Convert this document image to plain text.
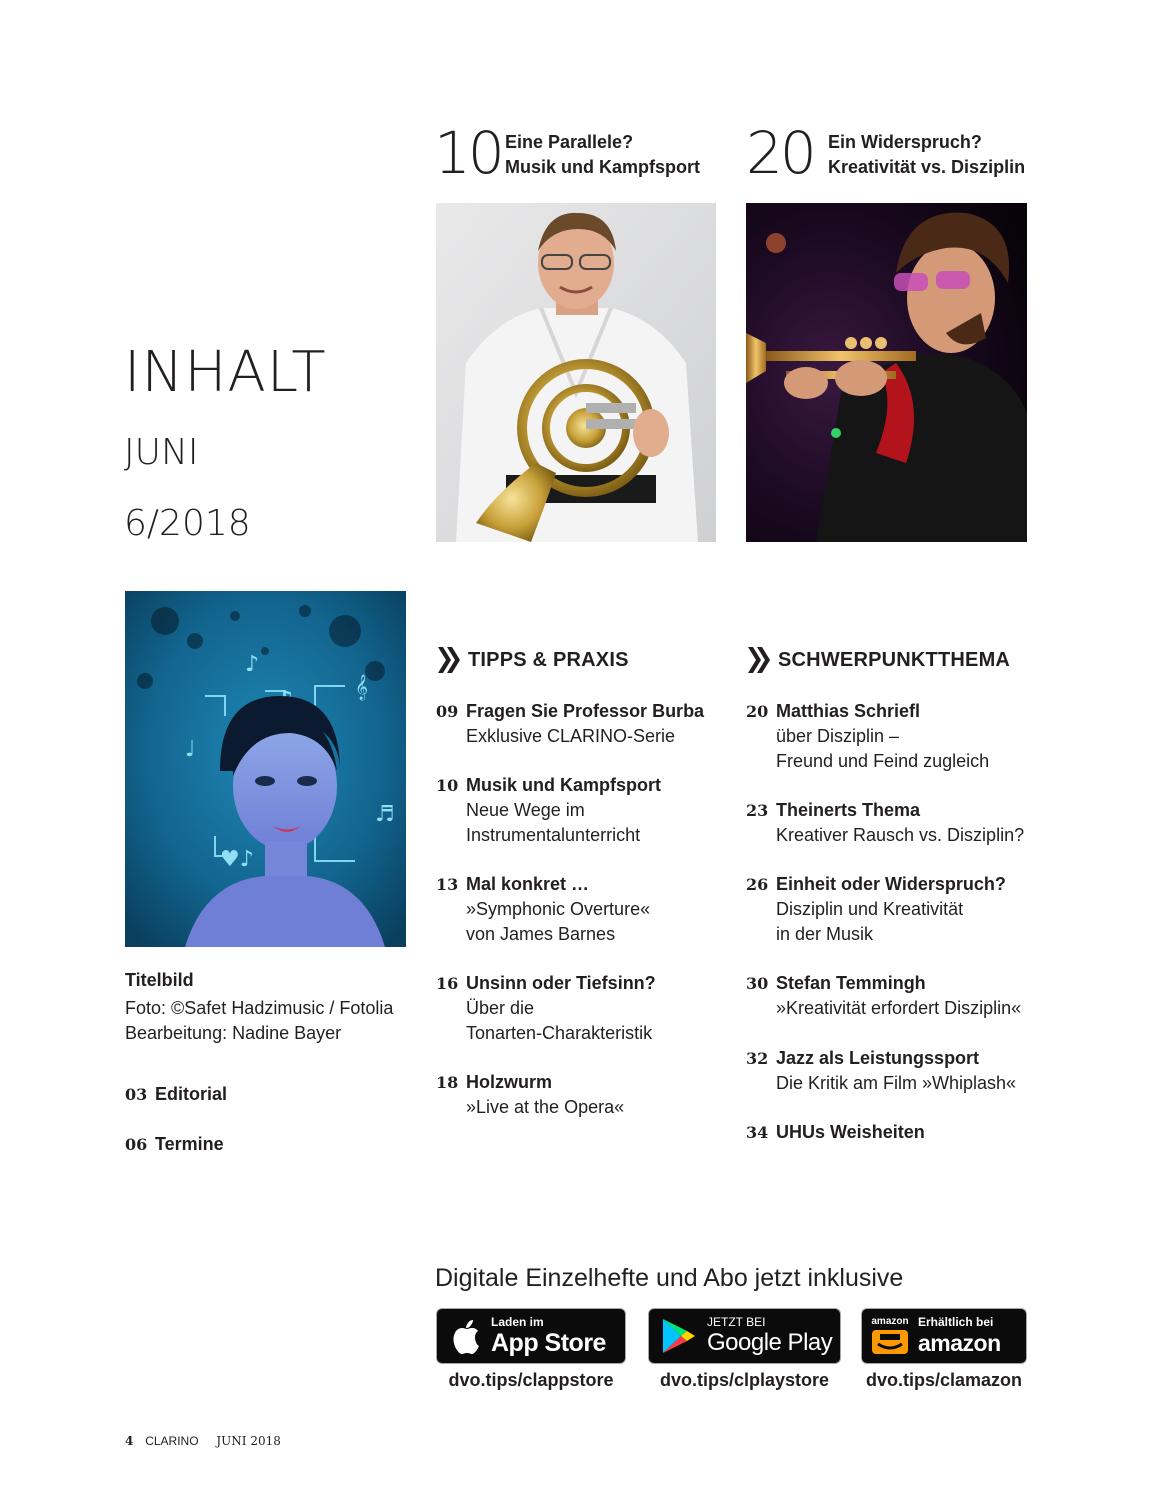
10 Eine Parallele?
Musik und Kampfsport 20 Ein Widerspruch?
Kreativität vs. Disziplin
INHALT
JUNI
6/2018
𝄞
♩
♪
♥♪
♬
Titelbild
Foto: ©Safet Hadzimusic / Fotolia
Bearbeitung: Nadine Bayer
03 Editorial
06 Termine
TIPPS & PRAXIS
09 Fragen Sie Professor Burba
Exklusive CLARINO-Serie
10 Musik und Kampfsport
Neue Wege im
Instrumentalunterricht
13 Mal konkret …
»Symphonic Overture«
von James Barnes
16 Unsinn oder Tiefsinn?
Über die
Tonarten-Charakteristik
18 Holzwurm
»Live at the Opera«
SCHWERPUNKTTHEMA
20 Matthias Schriefl
über Disziplin –
Freund und Feind zugleich
23 Theinerts Thema
Kreativer Rausch vs. Disziplin?
26 Einheit oder Widerspruch?
Disziplin und Kreativität
in der Musik
30 Stefan Temmingh
»Kreativität erfordert Disziplin«
32 Jazz als Leistungssport
Die Kritik am Film »Whiplash«
34 UHUs Weisheiten
Digitale Einzelhefte und Abo jetzt inklusive
Laden im
App Store
dvo.tips/clappstore
JETZT BEI
Google Play
dvo.tips/clplaystore
amazon Erhältlich bei
amazon
dvo.tips/clamazon
4 CLARINO JUNI 2018
